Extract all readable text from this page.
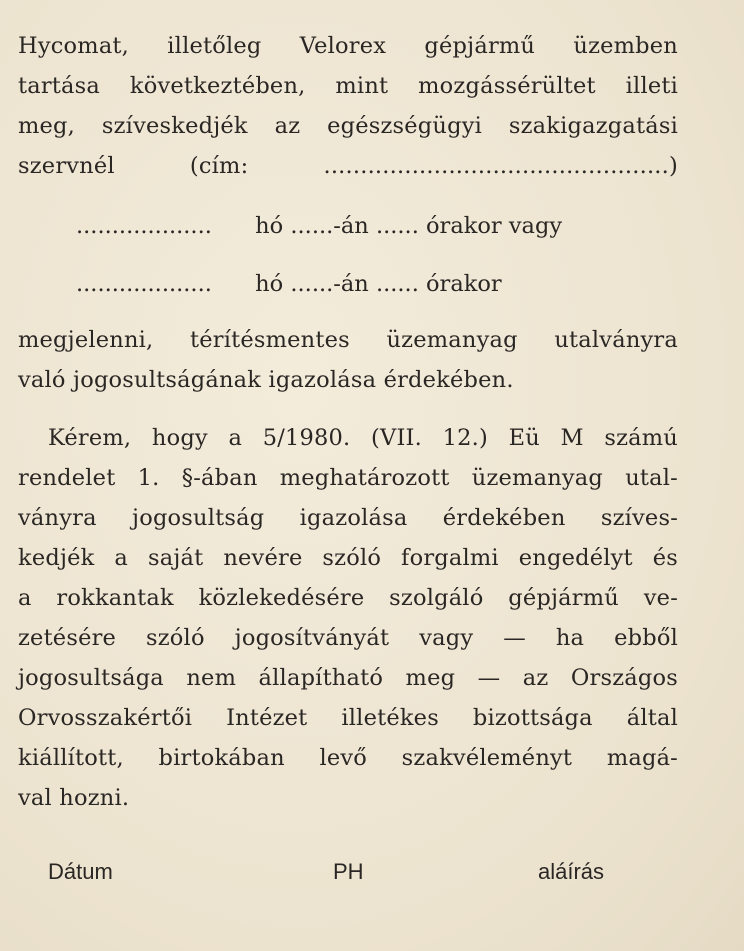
Hycomat, illetőleg Velorex gépjármű üzemben
tartása következtében, mint mozgássérültet illeti
meg, szíveskedjék az egészségügyi szakigazgatási
szervnél (cím: ...............................................)
................... hó ......-án ...... órakor vagy
................... hó ......-án ...... órakor
megjelenni, térítésmentes üzemanyag utalványra
való jogosultságának igazolása érdekében.
Kérem, hogy a 5/1980. (VII. 12.) Eü M számú
rendelet 1. §-ában meghatározott üzemanyag utal-
ványra jogosultság igazolása érdekében szíves-
kedjék a saját nevére szóló forgalmi engedélyt és
a rokkantak közlekedésére szolgáló gépjármű ve-
zetésére szóló jogosítványát vagy — ha ebből
jogosultsága nem állapítható meg — az Országos
Orvosszakértői Intézet illetékes bizottsága által
kiállított, birtokában levő szakvéleményt magá-
val hozni.
Dátum	PH	aláírás
